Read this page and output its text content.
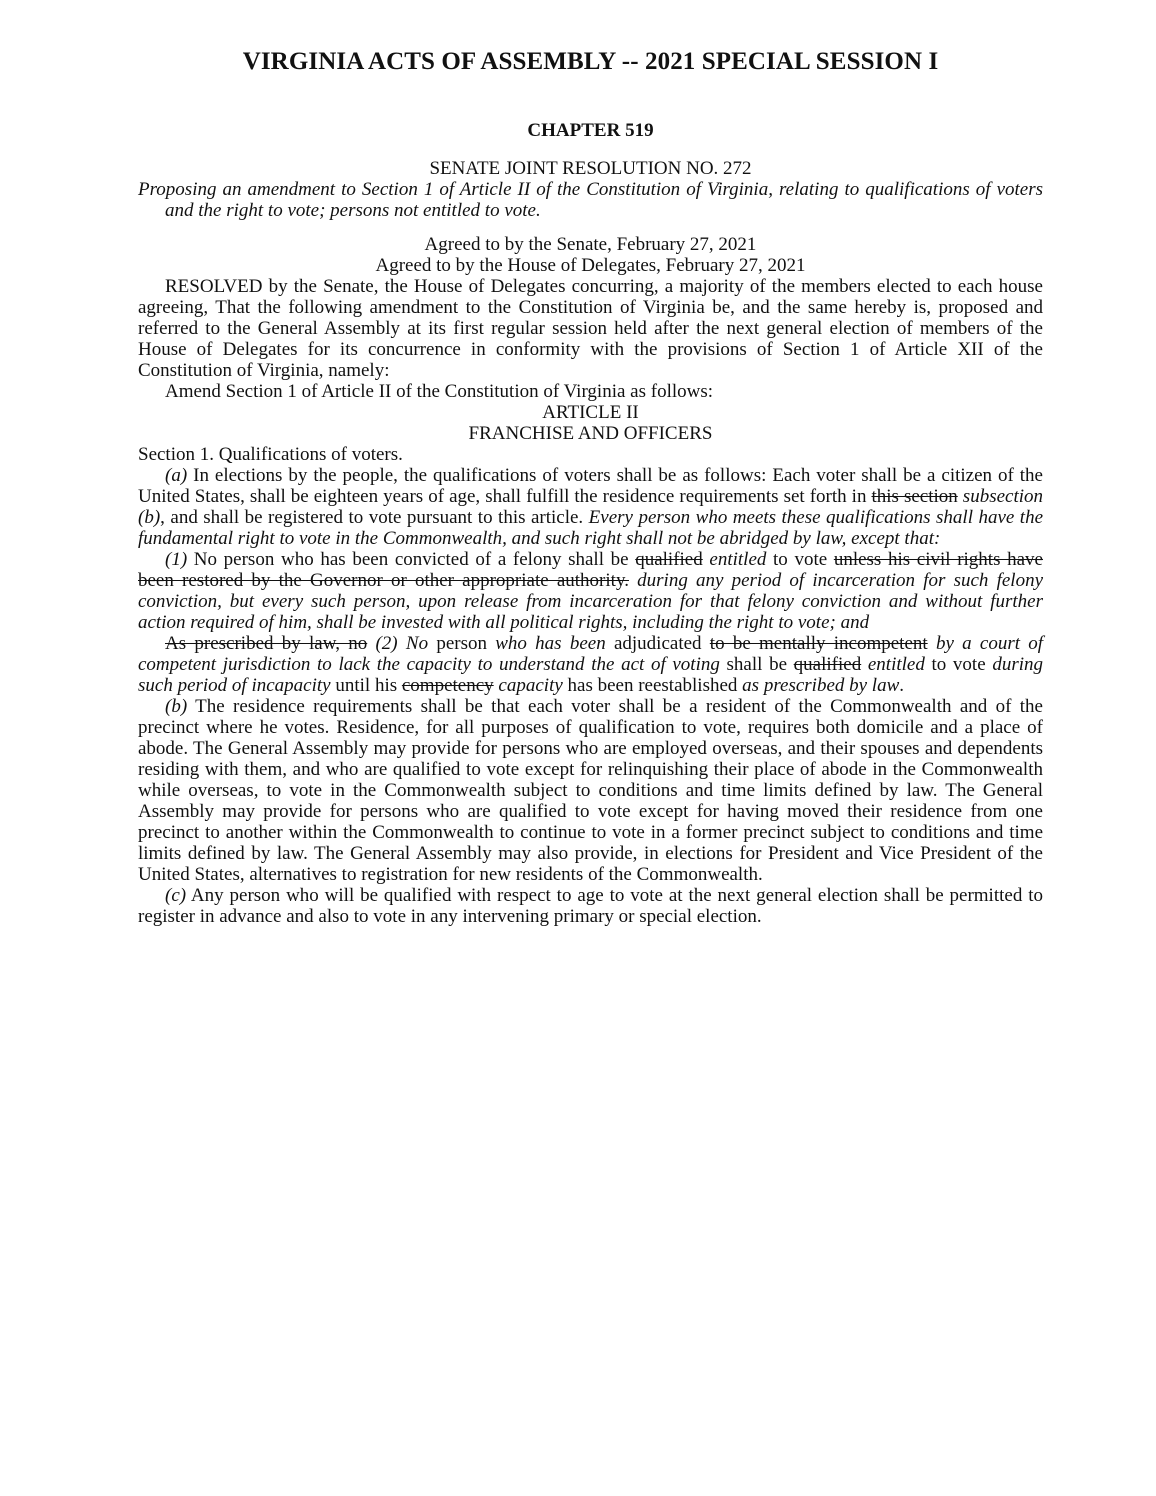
VIRGINIA ACTS OF ASSEMBLY -- 2021 SPECIAL SESSION I
CHAPTER 519

SENATE JOINT RESOLUTION NO. 272

Proposing an amendment to Section 1 of Article II of the Constitution of Virginia, relating to qualifications of voters and the right to vote; persons not entitled to vote.

Agreed to by the Senate, February 27, 2021

Agreed to by the House of Delegates, February 27, 2021

RESOLVED by the Senate, the House of Delegates concurring, a majority of the members elected to each house agreeing, That the following amendment to the Constitution of Virginia be, and the same hereby is, proposed and referred to the General Assembly at its first regular session held after the next general election of members of the House of Delegates for its concurrence in conformity with the provisions of Section 1 of Article XII of the Constitution of Virginia, namely:

Amend Section 1 of Article II of the Constitution of Virginia as follows:

ARTICLE II

FRANCHISE AND OFFICERS

Section 1. Qualifications of voters.

(a) In elections by the people, the qualifications of voters shall be as follows: Each voter shall be a citizen of the United States, shall be eighteen years of age, shall fulfill the residence requirements set forth in this section subsection (b), and shall be registered to vote pursuant to this article. Every person who meets these qualifications shall have the fundamental right to vote in the Commonwealth, and such right shall not be abridged by law, except that:

(1) No person who has been convicted of a felony shall be qualified entitled to vote unless his civil rights have been restored by the Governor or other appropriate authority. during any period of incarceration for such felony conviction, but every such person, upon release from incarceration for that felony conviction and without further action required of him, shall be invested with all political rights, including the right to vote; and

As prescribed by law, no (2) No person who has been adjudicated to be mentally incompetent by a court of competent jurisdiction to lack the capacity to understand the act of voting shall be qualified entitled to vote during such period of incapacity until his competency capacity has been reestablished as prescribed by law.

(b) The residence requirements shall be that each voter shall be a resident of the Commonwealth and of the precinct where he votes. Residence, for all purposes of qualification to vote, requires both domicile and a place of abode. The General Assembly may provide for persons who are employed overseas, and their spouses and dependents residing with them, and who are qualified to vote except for relinquishing their place of abode in the Commonwealth while overseas, to vote in the Commonwealth subject to conditions and time limits defined by law. The General Assembly may provide for persons who are qualified to vote except for having moved their residence from one precinct to another within the Commonwealth to continue to vote in a former precinct subject to conditions and time limits defined by law. The General Assembly may also provide, in elections for President and Vice President of the United States, alternatives to registration for new residents of the Commonwealth.

(c) Any person who will be qualified with respect to age to vote at the next general election shall be permitted to register in advance and also to vote in any intervening primary or special election.
